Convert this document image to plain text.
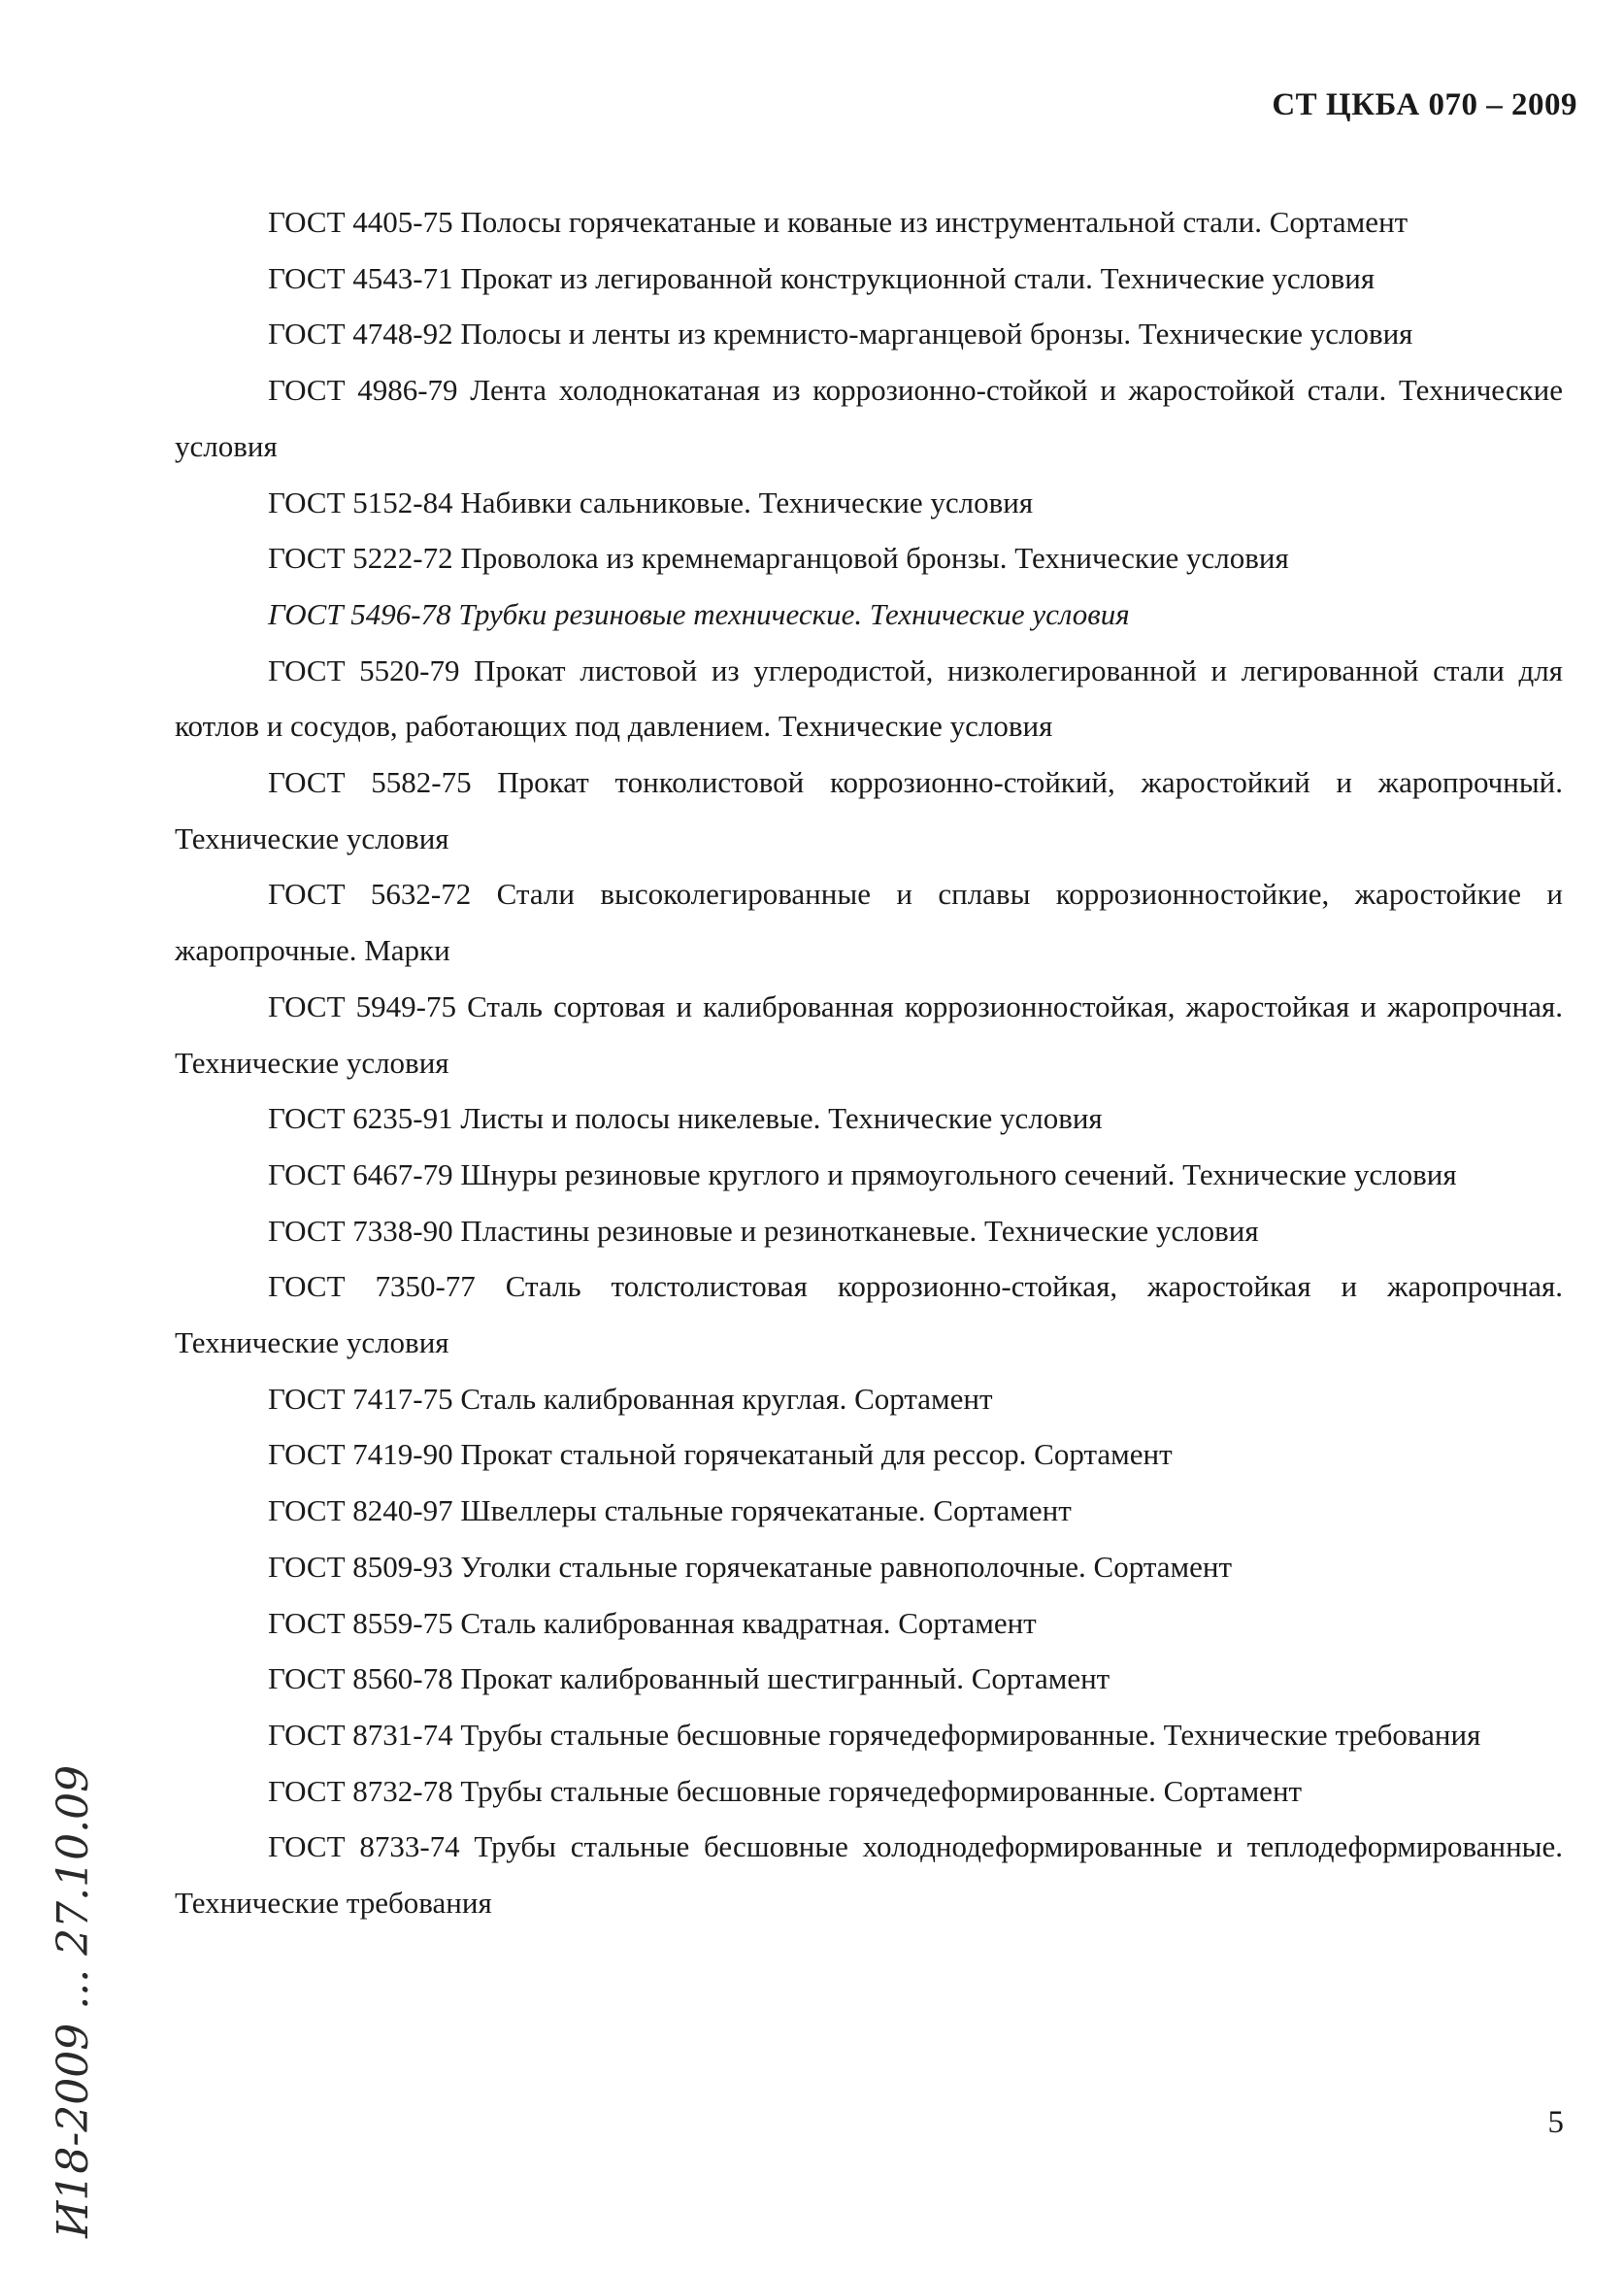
СТ ЦКБА 070 – 2009

ГОСТ 4405-75 Полосы горячекатаные и кованые из инструментальной стали. Сортамент

ГОСТ 4543-71 Прокат из легированной конструкционной стали. Технические условия

ГОСТ 4748-92 Полосы и ленты из кремнисто-марганцевой бронзы. Технические условия

ГОСТ 4986-79 Лента холоднокатаная из коррозионно-стойкой и жаростойкой стали. Технические условия

ГОСТ 5152-84 Набивки сальниковые. Технические условия

ГОСТ 5222-72 Проволока из кремнемарганцовой бронзы. Технические условия

ГОСТ 5496-78 Трубки резиновые технические. Технические условия

ГОСТ 5520-79 Прокат листовой из углеродистой, низколегированной и легированной стали для котлов и сосудов, работающих под давлением. Технические условия

ГОСТ 5582-75 Прокат тонколистовой коррозионно-стойкий, жаростойкий и жаропрочный. Технические условия

ГОСТ 5632-72 Стали высоколегированные и сплавы коррозионностойкие, жаростойкие и жаропрочные. Марки

ГОСТ 5949-75 Сталь сортовая и калиброванная коррозионностойкая, жаростойкая и жаропрочная. Технические условия

ГОСТ 6235-91 Листы и полосы никелевые. Технические условия

ГОСТ 6467-79 Шнуры резиновые круглого и прямоугольного сечений. Технические условия

ГОСТ 7338-90 Пластины резиновые и резинотканевые. Технические условия

ГОСТ 7350-77 Сталь толстолистовая коррозионно-стойкая, жаростойкая и жаропрочная. Технические условия

ГОСТ 7417-75 Сталь калиброванная круглая. Сортамент

ГОСТ 7419-90 Прокат стальной горячекатаный для рессор. Сортамент

ГОСТ 8240-97 Швеллеры стальные горячекатаные. Сортамент

ГОСТ 8509-93 Уголки стальные горячекатаные равнополочные. Сортамент

ГОСТ 8559-75 Сталь калиброванная квадратная. Сортамент

ГОСТ 8560-78 Прокат калиброванный шестигранный. Сортамент

ГОСТ 8731-74 Трубы стальные бесшовные горячедеформированные. Технические требования

ГОСТ 8732-78 Трубы стальные бесшовные горячедеформированные. Сортамент

ГОСТ 8733-74 Трубы стальные бесшовные холоднодеформированные и теплодеформированные. Технические требования

5
И18-2009 ... 27.10.09
